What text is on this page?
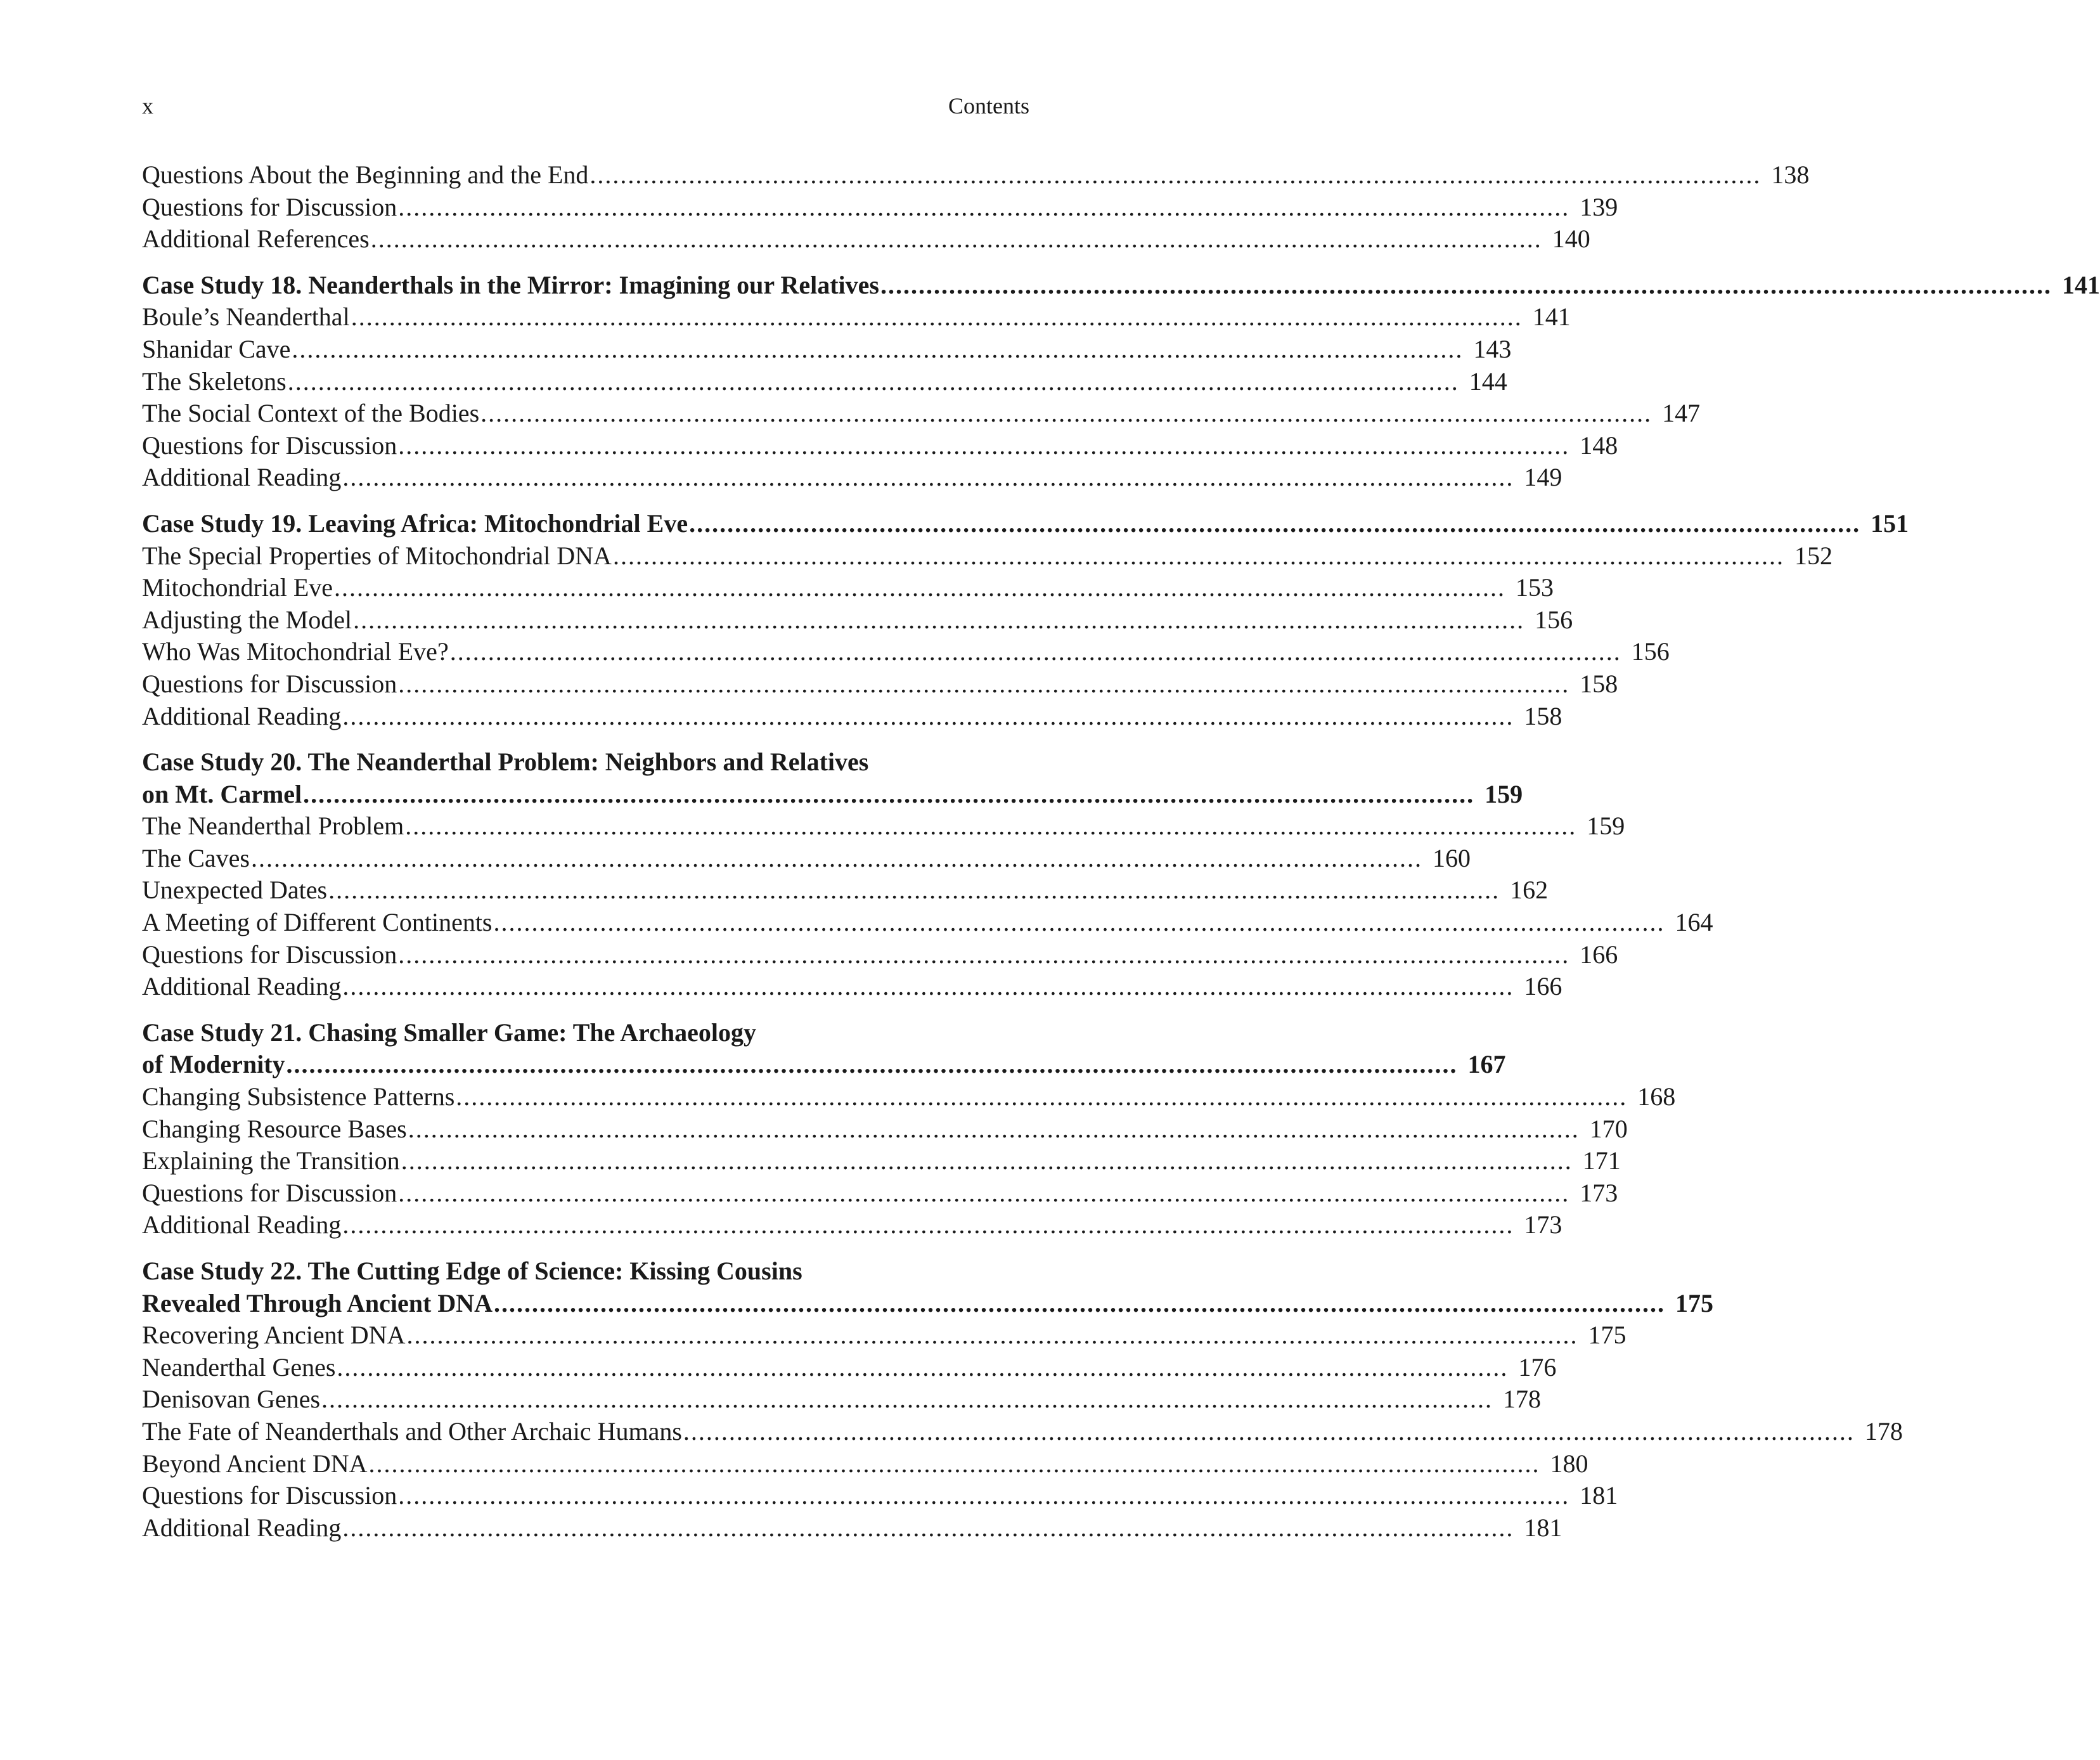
x	Contents
Questions About the Beginning and the End .......................................................................................................................................................... 138
Questions for Discussion .......................................................................................................................................................... 139
Additional References .......................................................................................................................................................... 140
Case Study 18. Neanderthals in the Mirror: Imagining our Relatives .......................................................................................................................................................... 141
Boule’s Neanderthal .......................................................................................................................................................... 141
Shanidar Cave .......................................................................................................................................................... 143
The Skeletons .......................................................................................................................................................... 144
The Social Context of the Bodies .......................................................................................................................................................... 147
Questions for Discussion .......................................................................................................................................................... 148
Additional Reading .......................................................................................................................................................... 149
Case Study 19. Leaving Africa: Mitochondrial Eve .......................................................................................................................................................... 151
The Special Properties of Mitochondrial DNA .......................................................................................................................................................... 152
Mitochondrial Eve .......................................................................................................................................................... 153
Adjusting the Model .......................................................................................................................................................... 156
Who Was Mitochondrial Eve? .......................................................................................................................................................... 156
Questions for Discussion .......................................................................................................................................................... 158
Additional Reading .......................................................................................................................................................... 158
Case Study 20. The Neanderthal Problem: Neighbors and Relatives
on Mt. Carmel .......................................................................................................................................................... 159
The Neanderthal Problem .......................................................................................................................................................... 159
The Caves .......................................................................................................................................................... 160
Unexpected Dates .......................................................................................................................................................... 162
A Meeting of Different Continents .......................................................................................................................................................... 164
Questions for Discussion .......................................................................................................................................................... 166
Additional Reading .......................................................................................................................................................... 166
Case Study 21. Chasing Smaller Game: The Archaeology
of Modernity .......................................................................................................................................................... 167
Changing Subsistence Patterns .......................................................................................................................................................... 168
Changing Resource Bases .......................................................................................................................................................... 170
Explaining the Transition .......................................................................................................................................................... 171
Questions for Discussion .......................................................................................................................................................... 173
Additional Reading .......................................................................................................................................................... 173
Case Study 22. The Cutting Edge of Science: Kissing Cousins
Revealed Through Ancient DNA .......................................................................................................................................................... 175
Recovering Ancient DNA .......................................................................................................................................................... 175
Neanderthal Genes .......................................................................................................................................................... 176
Denisovan Genes .......................................................................................................................................................... 178
The Fate of Neanderthals and Other Archaic Humans .......................................................................................................................................................... 178
Beyond Ancient DNA .......................................................................................................................................................... 180
Questions for Discussion .......................................................................................................................................................... 181
Additional Reading .......................................................................................................................................................... 181
